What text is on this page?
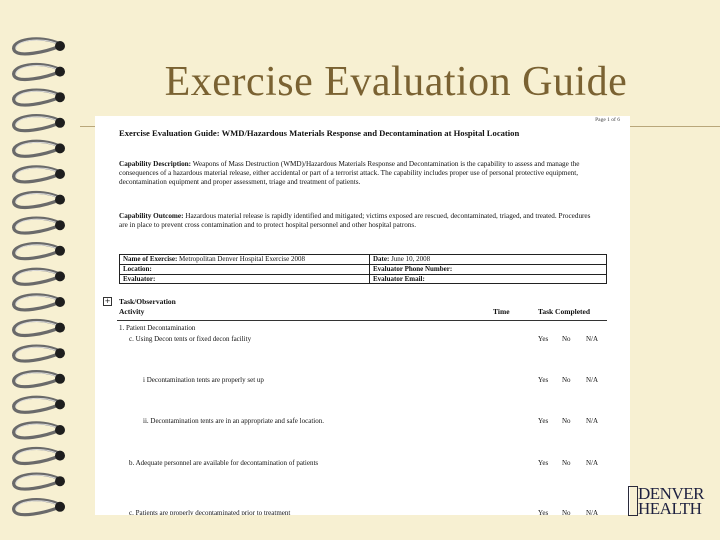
Exercise Evaluation Guide
Page 1 of 6
Exercise Evaluation Guide: WMD/Hazardous Materials Response and Decontamination at Hospital Location
Capability Description: Weapons of Mass Destruction (WMD)/Hazardous Materials Response and Decontamination is the capability to assess and manage the consequences of a hazardous material release, either accidental or part of a terrorist attack. The capability includes proper use of personal protective equipment, decontamination equipment and proper assessment, triage and treatment of patients.
Capability Outcome: Hazardous material release is rapidly identified and mitigated; victims exposed are rescued, decontaminated, triaged, and treated. Procedures are in place to prevent cross contamination and to protect hospital personnel and other hospital patrons.
Name of Exercise: Metropolitan Denver Hospital Exercise 2008	Date: June 10, 2008
Location:	Evaluator Phone Number:
Evaluator:	Evaluator Email:
+ Task/Observation
Activity	Time	Task Completed
1. Patient Decontamination
c. Using Decon tents or fixed decon facility	Yes No N/A
i Decontamination tents are properly set up	Yes No N/A
ii. Decontamination tents are in an appropriate and safe location.	Yes No N/A
b. Adequate personnel are available for decontamination of patients	Yes No N/A
c. Patients are properly decontaminated prior to treatment	Yes No N/A
DENVER
HEALTH
